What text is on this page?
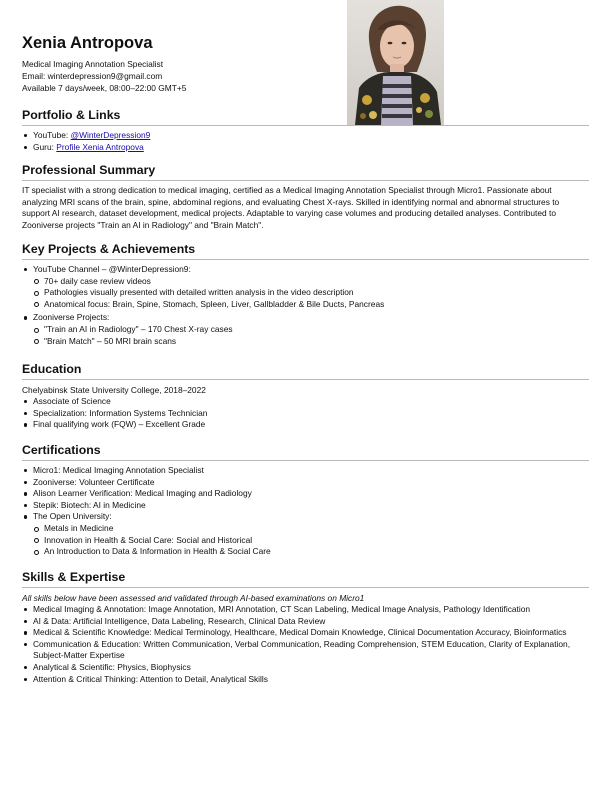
Xenia Antropova
Medical Imaging Annotation Specialist
Email: winterdepression9@gmail.com
Available 7 days/week, 08:00–22:00 GMT+5
Portfolio & Links
YouTube: @WinterDepression9
Guru: Profile Xenia Antropova
Professional Summary

IT specialist with a strong dedication to medical imaging, certified as a Medical Imaging Annotation Specialist through Micro1. Passionate about analyzing MRI scans of the brain, spine, abdominal regions, and evaluating Chest X-rays. Skilled in identifying normal and abnormal structures to support AI research, dataset development, medical projects. Adaptable to varying case volumes and producing detailed analyses. Contributed to Zooniverse projects "Train an AI in Radiology" and "Brain Match".

Key Projects & Achievements
YouTube Channel – @WinterDepression9:
70+ daily case review videos
Pathologies visually presented with detailed written analysis in the video description
Anatomical focus: Brain, Spine, Stomach, Spleen, Liver, Gallbladder & Bile Ducts, Pancreas
Zooniverse Projects:
"Train an AI in Radiology" – 170 Chest X-ray cases
"Brain Match" – 50 MRI brain scans
Education
Chelyabinsk State University College, 2018–2022
Associate of Science
Specialization: Information Systems Technician
Final qualifying work (FQW) – Excellent Grade
Certifications
Micro1: Medical Imaging Annotation Specialist
Zooniverse: Volunteer Certificate
Alison Learner Verification: Medical Imaging and Radiology
Stepik: Biotech: AI in Medicine
The Open University:
Metals in Medicine
Innovation in Health & Social Care: Social and Historical
An Introduction to Data & Information in Health & Social Care
Skills & Expertise
All skills below have been assessed and validated through AI-based examinations on Micro1
Medical Imaging & Annotation: Image Annotation, MRI Annotation, CT Scan Labeling, Medical Image Analysis, Pathology Identification
AI & Data: Artificial Intelligence, Data Labeling, Research, Clinical Data Review
Medical & Scientific Knowledge: Medical Terminology, Healthcare, Medical Domain Knowledge, Clinical Documentation Accuracy, Bioinformatics
Communication & Education: Written Communication, Verbal Communication, Reading Comprehension, STEM Education, Clarity of Explanation, Subject-Matter Expertise
Analytical & Scientific: Physics, Biophysics
Attention & Critical Thinking: Attention to Detail, Analytical Skills
